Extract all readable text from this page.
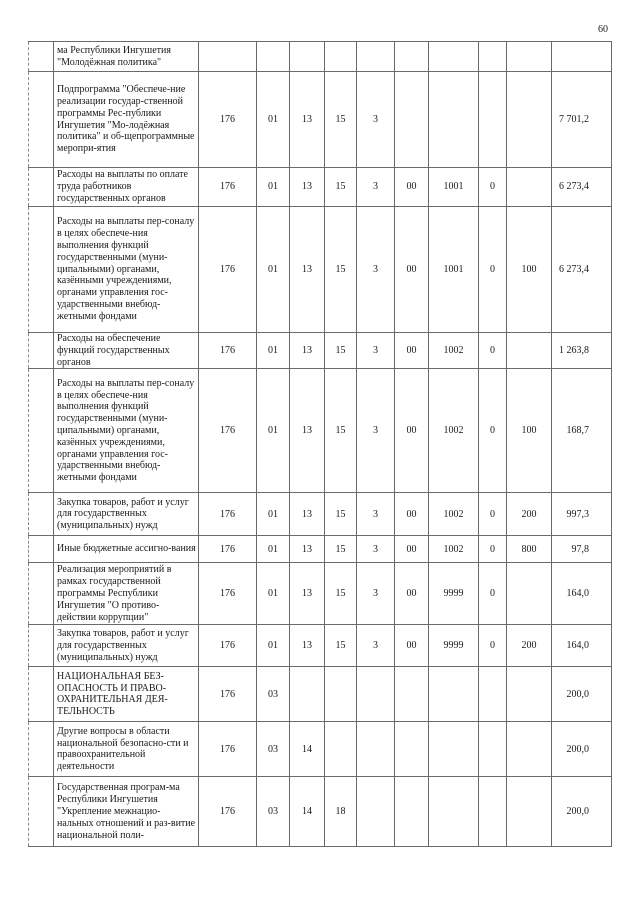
60

	ма Республики Ингушетия "Молодёжная политика"										

	Подпрограмма "Обеспече-ние реализации государ-ственной программы Рес-публики Ингушетия "Мо-лодёжная политика" и об-щепрограммные меропри-ятия	176	01	13	15	3					7 701,2

	Расходы на выплаты по оплате труда работников государственных органов	176	01	13	15	3	00	1001	0		6 273,4

	Расходы на выплаты пер-соналу в целях обеспече-ния выполнения функций государственными (муни-ципальными) органами, казёнными учреждениями, органами управления гос-ударственными внебюд-жетными фондами	176	01	13	15	3	00	1001	0	100	6 273,4

	Расходы на обеспечение функций государственных органов	176	01	13	15	3	00	1002	0		1 263,8

	Расходы на выплаты пер-соналу в целях обеспече-ния выполнения функций государственными (муни-ципальными) органами, казённых учреждениями, органами управления гос-ударственными внебюд-жетными фондами	176	01	13	15	3	00	1002	0	100	168,7

	Закупка товаров, работ и услуг для государственных (муниципальных) нужд	176	01	13	15	3	00	1002	0	200	997,3

	Иные бюджетные ассигно-вания	176	01	13	15	3	00	1002	0	800	97,8

	Реализация мероприятий в рамках государственной программы Республики Ингушетия "О противо-действии коррупции"	176	01	13	15	3	00	9999	0		164,0

	Закупка товаров, работ и услуг для государственных (муниципальных) нужд	176	01	13	15	3	00	9999	0	200	164,0

	НАЦИОНАЛЬНАЯ БЕЗ-ОПАСНОСТЬ И ПРАВО-ОХРАНИТЕЛЬНАЯ ДЕЯ-ТЕЛЬНОСТЬ	176	03								200,0

	Другие вопросы в области национальной безопасно-сти и правоохранительной деятельности	176	03	14							200,0

	Государственная програм-ма Республики Ингушетия "Укрепление межнацио-нальных отношений и раз-витие национальной поли-	176	03	14	18						200,0
